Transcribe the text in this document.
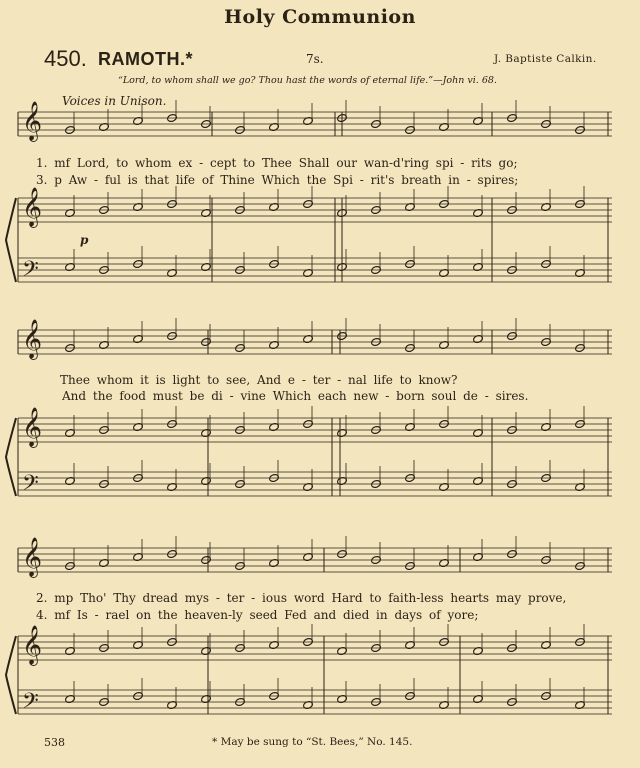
Holy Communion
450. RAMOTH.*	7s.	J. Baptiste Calkin.
“Lord, to whom shall we go? Thou hast the words of eternal life.”—John vi. 68.
Voices in Unison.
𝄞
𝄞
𝄢
𝄞
𝄞
𝄢
𝄞
𝄞
𝄢
1. mf Lord, to whom ex - cept to Thee Shall our wan-d'ring spi - rits go;
3. p Aw - ful is that life of Thine Which the Spi - rit's breath in - spires;
p
Thee whom it is light to see, And e - ter - nal life to know?
And the food must be di - vine Which each new - born soul de - sires.
2. mp Tho' Thy dread mys - ter - ious word Hard to faith-less hearts may prove,
4. mf Is - rael on the heaven-ly seed Fed and died in days of yore;
538	* May be sung to “St. Bees,” No. 145.
